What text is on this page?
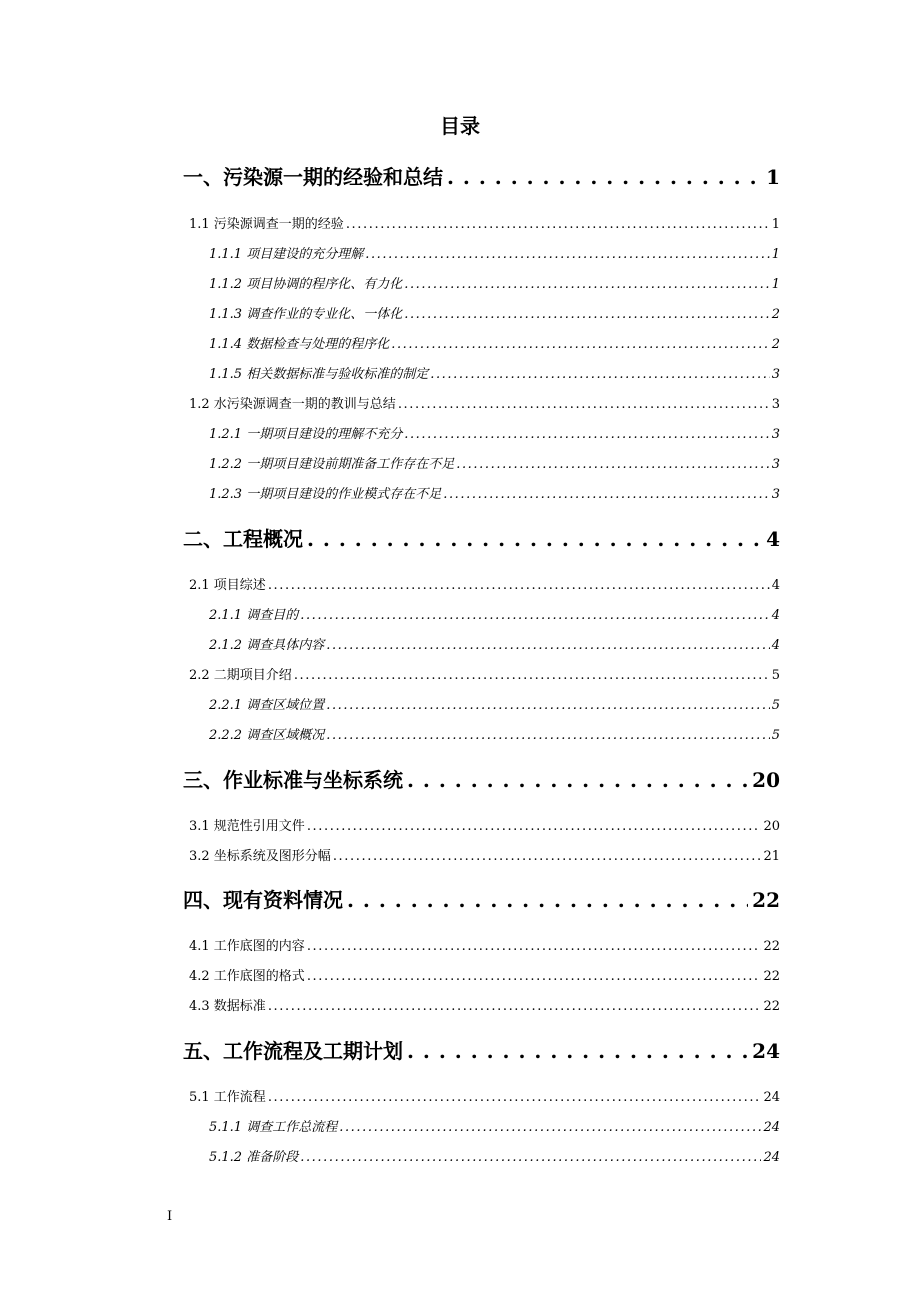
目录
一、污染源一期的经验和总结 . . .	1
1.1 污染源调查一期的经验 .....	1
1.1.1 项目建设的充分理解 .....	1
1.1.2 项目协调的程序化、有力化 .....	1
1.1.3 调查作业的专业化、一体化 .....	2
1.1.4 数据检查与处理的程序化 .....	2
1.1.5 相关数据标准与验收标准的制定 .....	3
1.2 水污染源调查一期的教训与总结 .....	3
1.2.1 一期项目建设的理解不充分 .....	3
1.2.2 一期项目建设前期准备工作存在不足 .....	3
1.2.3 一期项目建设的作业模式存在不足 .....	3
二、工程概况 . . .	4
2.1 项目综述 .....	4
2.1.1 调查目的 .....	4
2.1.2 调查具体内容 .....	4
2.2 二期项目介绍 .....	5
2.2.1 调查区域位置 .....	5
2.2.2 调查区域概况 .....	5
三、作业标准与坐标系统 . . .	20
3.1 规范性引用文件 .....	20
3.2 坐标系统及图形分幅 .....	21
四、现有资料情况 . . .	22
4.1 工作底图的内容 .....	22
4.2 工作底图的格式 .....	22
4.3 数据标准 .....	22
五、工作流程及工期计划 . . .	24
5.1 工作流程 .....	24
5.1.1 调查工作总流程 .....	24
5.1.2 准备阶段 .....	24
I
